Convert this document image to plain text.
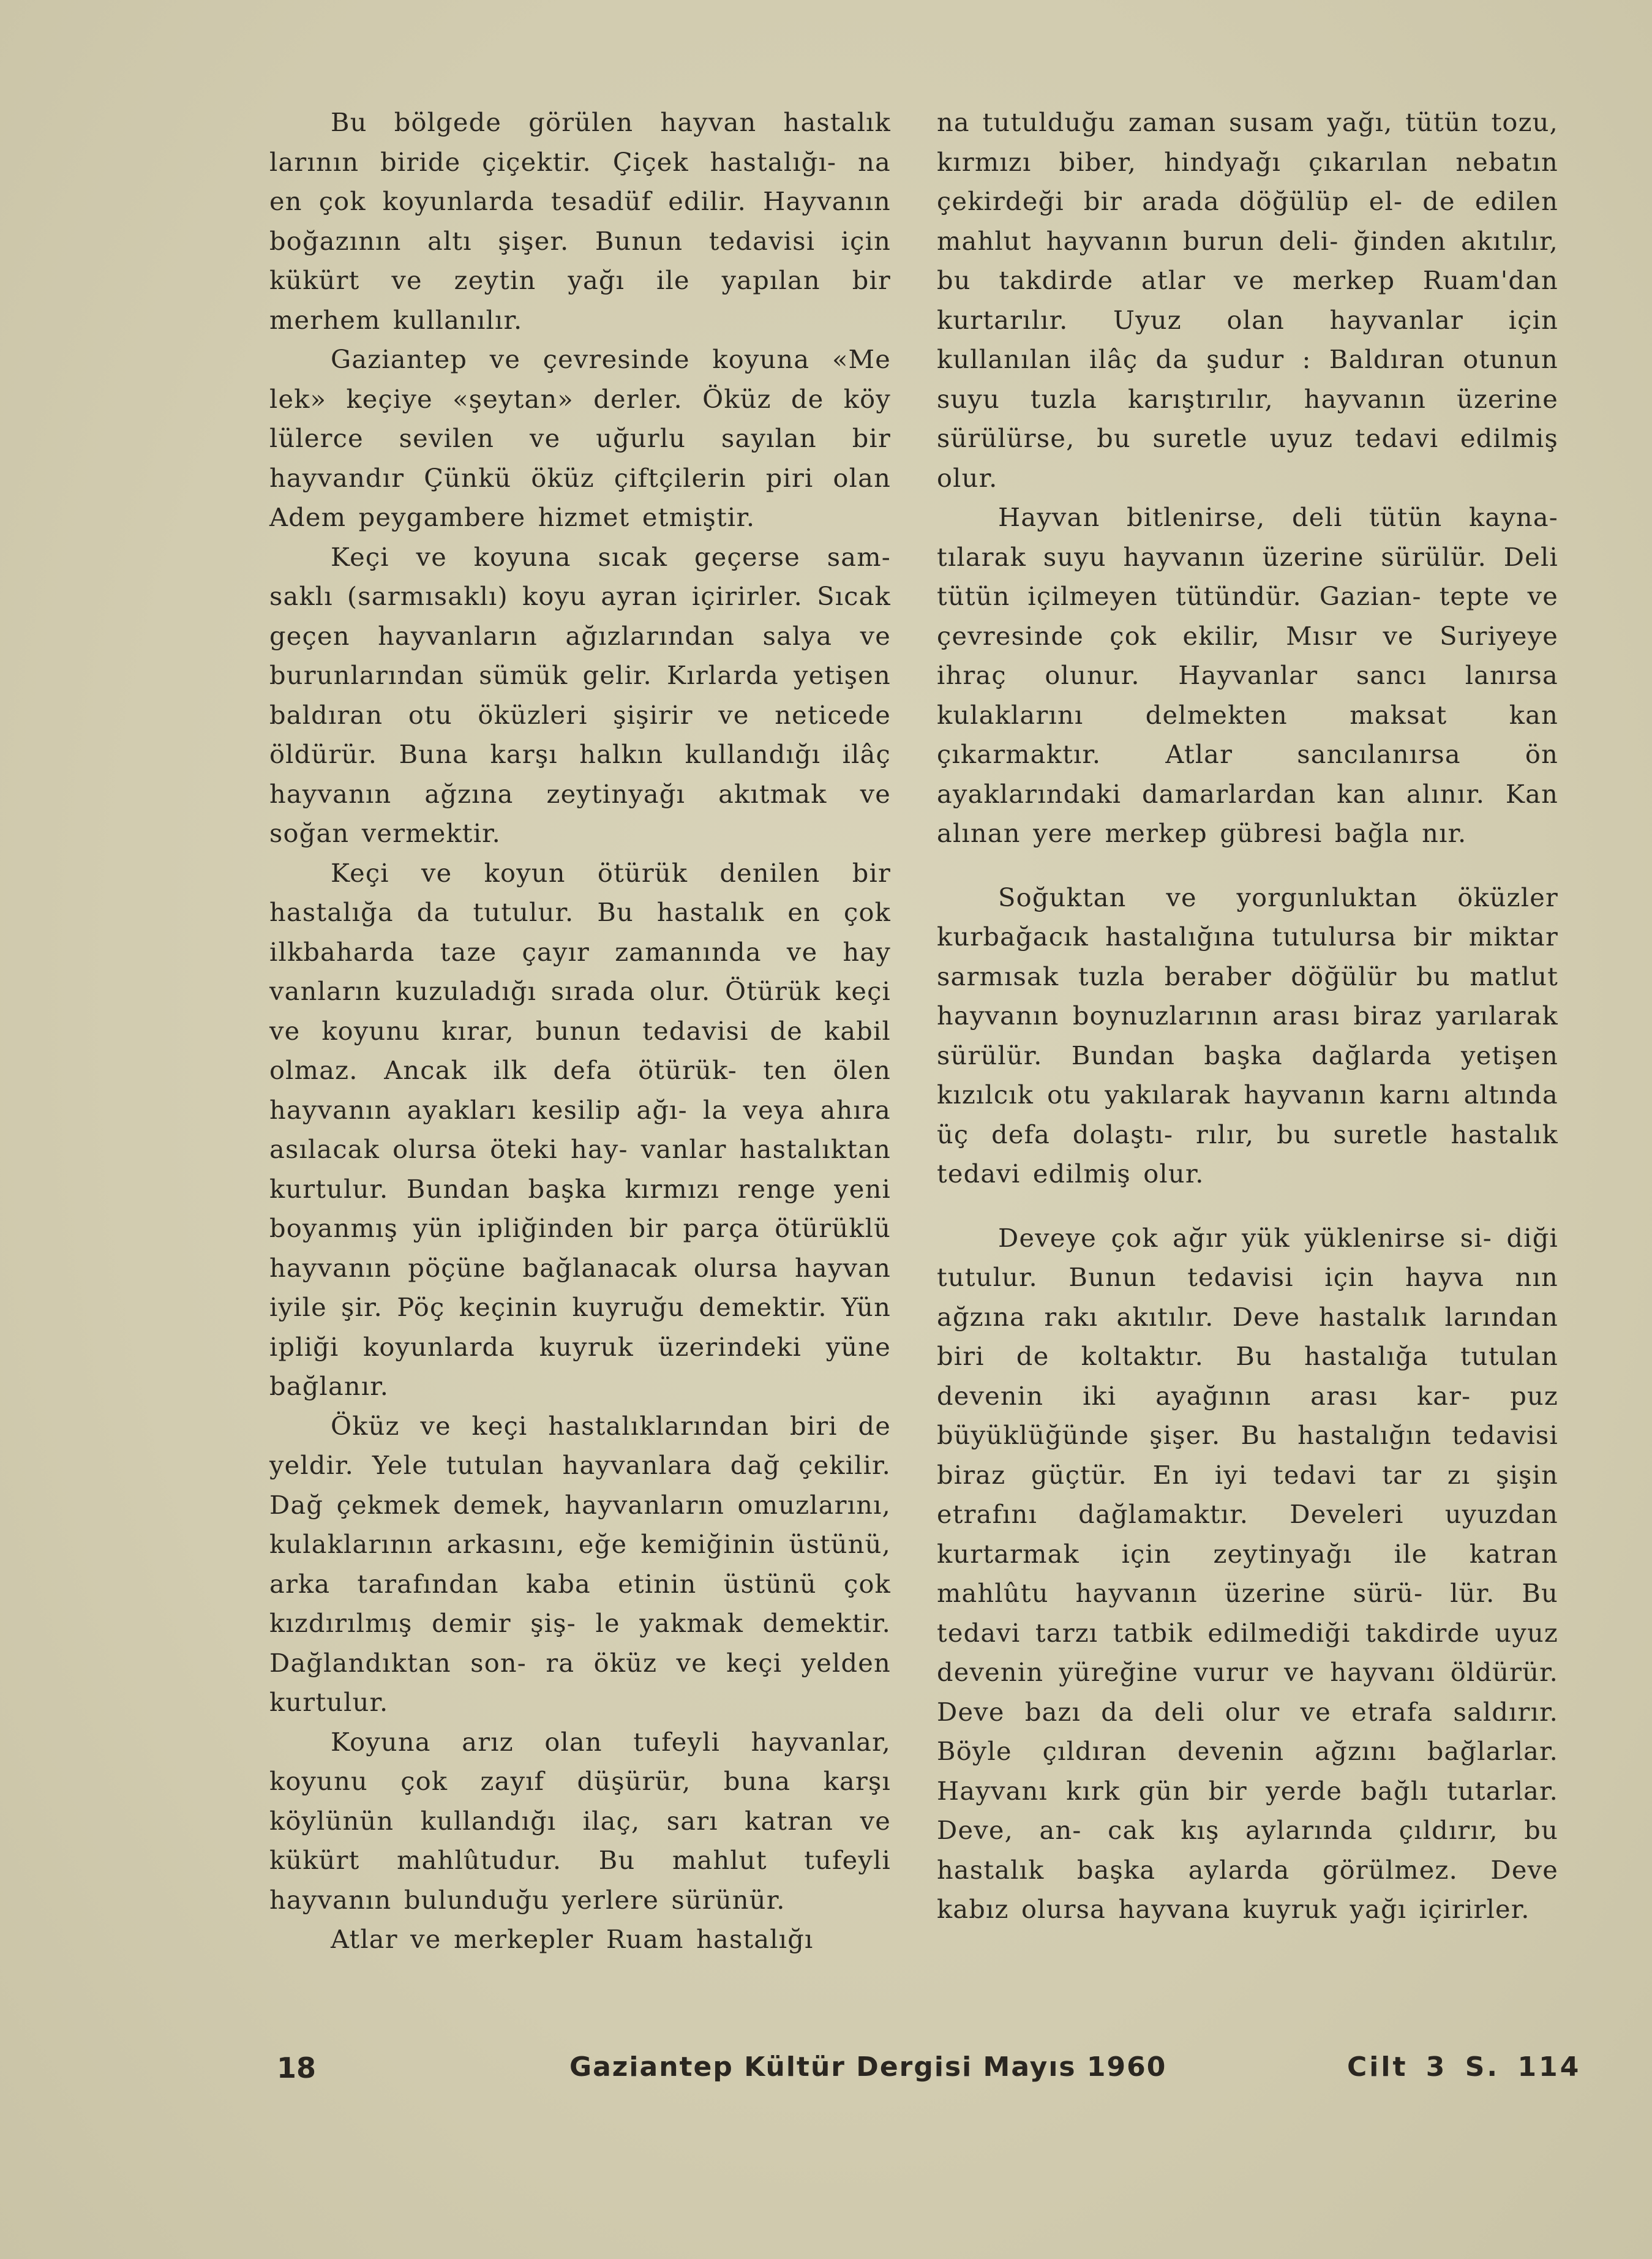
Bu bölgede görülen hayvan hastalık larının biride çiçektir. Çiçek hastalığı- na en çok koyunlarda tesadüf edilir. Hayvanın boğazının altı şişer. Bunun tedavisi için kükürt ve zeytin yağı ile yapılan bir merhem kullanılır.

Gaziantep ve çevresinde koyuna «Me lek» keçiye «şeytan» derler. Öküz de köy lülerce sevilen ve uğurlu sayılan bir hayvandır Çünkü öküz çiftçilerin piri olan Adem peygambere hizmet etmiştir.

Keçi ve koyuna sıcak geçerse sam- saklı (sarmısaklı) koyu ayran içirirler. Sıcak geçen hayvanların ağızlarından salya ve burunlarından sümük gelir. Kırlarda yetişen baldıran otu öküzleri şişirir ve neticede öldürür. Buna karşı halkın kullandığı ilâç hayvanın ağzına zeytinyağı akıtmak ve soğan vermektir.

Keçi ve koyun ötürük denilen bir hastalığa da tutulur. Bu hastalık en çok ilkbaharda taze çayır zamanında ve hay vanların kuzuladığı sırada olur. Ötürük keçi ve koyunu kırar, bunun tedavisi de kabil olmaz. Ancak ilk defa ötürük- ten ölen hayvanın ayakları kesilip ağı- la veya ahıra asılacak olursa öteki hay- vanlar hastalıktan kurtulur. Bundan başka kırmızı renge yeni boyanmış yün ipliğinden bir parça ötürüklü hayvanın pöçüne bağlanacak olursa hayvan iyile şir. Pöç keçinin kuyruğu demektir. Yün ipliği koyunlarda kuyruk üzerindeki yüne bağlanır.

Öküz ve keçi hastalıklarından biri de yeldir. Yele tutulan hayvanlara dağ çekilir. Dağ çekmek demek, hayvanların omuzlarını, kulaklarının arkasını, eğe kemiğinin üstünü, arka tarafından kaba etinin üstünü çok kızdırılmış demir şiş- le yakmak demektir. Dağlandıktan son- ra öküz ve keçi yelden kurtulur.

Koyuna arız olan tufeyli hayvanlar, koyunu çok zayıf düşürür, buna karşı köylünün kullandığı ilaç, sarı katran ve kükürt mahlûtudur. Bu mahlut tufeyli hayvanın bulunduğu yerlere sürünür.

Atlar ve merkepler Ruam hastalığı

na tutulduğu zaman susam yağı, tütün tozu, kırmızı biber, hindyağı çıkarılan nebatın çekirdeği bir arada döğülüp el- de edilen mahlut hayvanın burun deli- ğinden akıtılır, bu takdirde atlar ve merkep Ruam'dan kurtarılır. Uyuz olan hayvanlar için kullanılan ilâç da şudur : Baldıran otunun suyu tuzla karıştırılır, hayvanın üzerine sürülürse, bu suretle uyuz tedavi edilmiş olur.

Hayvan bitlenirse, deli tütün kayna- tılarak suyu hayvanın üzerine sürülür. Deli tütün içilmeyen tütündür. Gazian- tepte ve çevresinde çok ekilir, Mısır ve Suriyeye ihraç olunur. Hayvanlar sancı lanırsa kulaklarını delmekten maksat kan çıkarmaktır. Atlar sancılanırsa ön ayaklarındaki damarlardan kan alınır. Kan alınan yere merkep gübresi bağla nır.

Soğuktan ve yorgunluktan öküzler kurbağacık hastalığına tutulursa bir miktar sarmısak tuzla beraber döğülür bu matlut hayvanın boynuzlarının arası biraz yarılarak sürülür. Bundan başka dağlarda yetişen kızılcık otu yakılarak hayvanın karnı altında üç defa dolaştı- rılır, bu suretle hastalık tedavi edilmiş olur.

Deveye çok ağır yük yüklenirse si- diği tutulur. Bunun tedavisi için hayva nın ağzına rakı akıtılır. Deve hastalık larından biri de koltaktır. Bu hastalığa tutulan devenin iki ayağının arası kar- puz büyüklüğünde şişer. Bu hastalığın tedavisi biraz güçtür. En iyi tedavi tar zı şişin etrafını dağlamaktır. Develeri uyuzdan kurtarmak için zeytinyağı ile katran mahlûtu hayvanın üzerine sürü- lür. Bu tedavi tarzı tatbik edilmediği takdirde uyuz devenin yüreğine vurur ve hayvanı öldürür. Deve bazı da deli olur ve etrafa saldırır. Böyle çıldıran devenin ağzını bağlarlar. Hayvanı kırk gün bir yerde bağlı tutarlar. Deve, an- cak kış aylarında çıldırır, bu hastalık başka aylarda görülmez. Deve kabız olursa hayvana kuyruk yağı içirirler.

18	Gaziantep Kültür Dergisi Mayıs 1960	Cilt 3 S. 114
